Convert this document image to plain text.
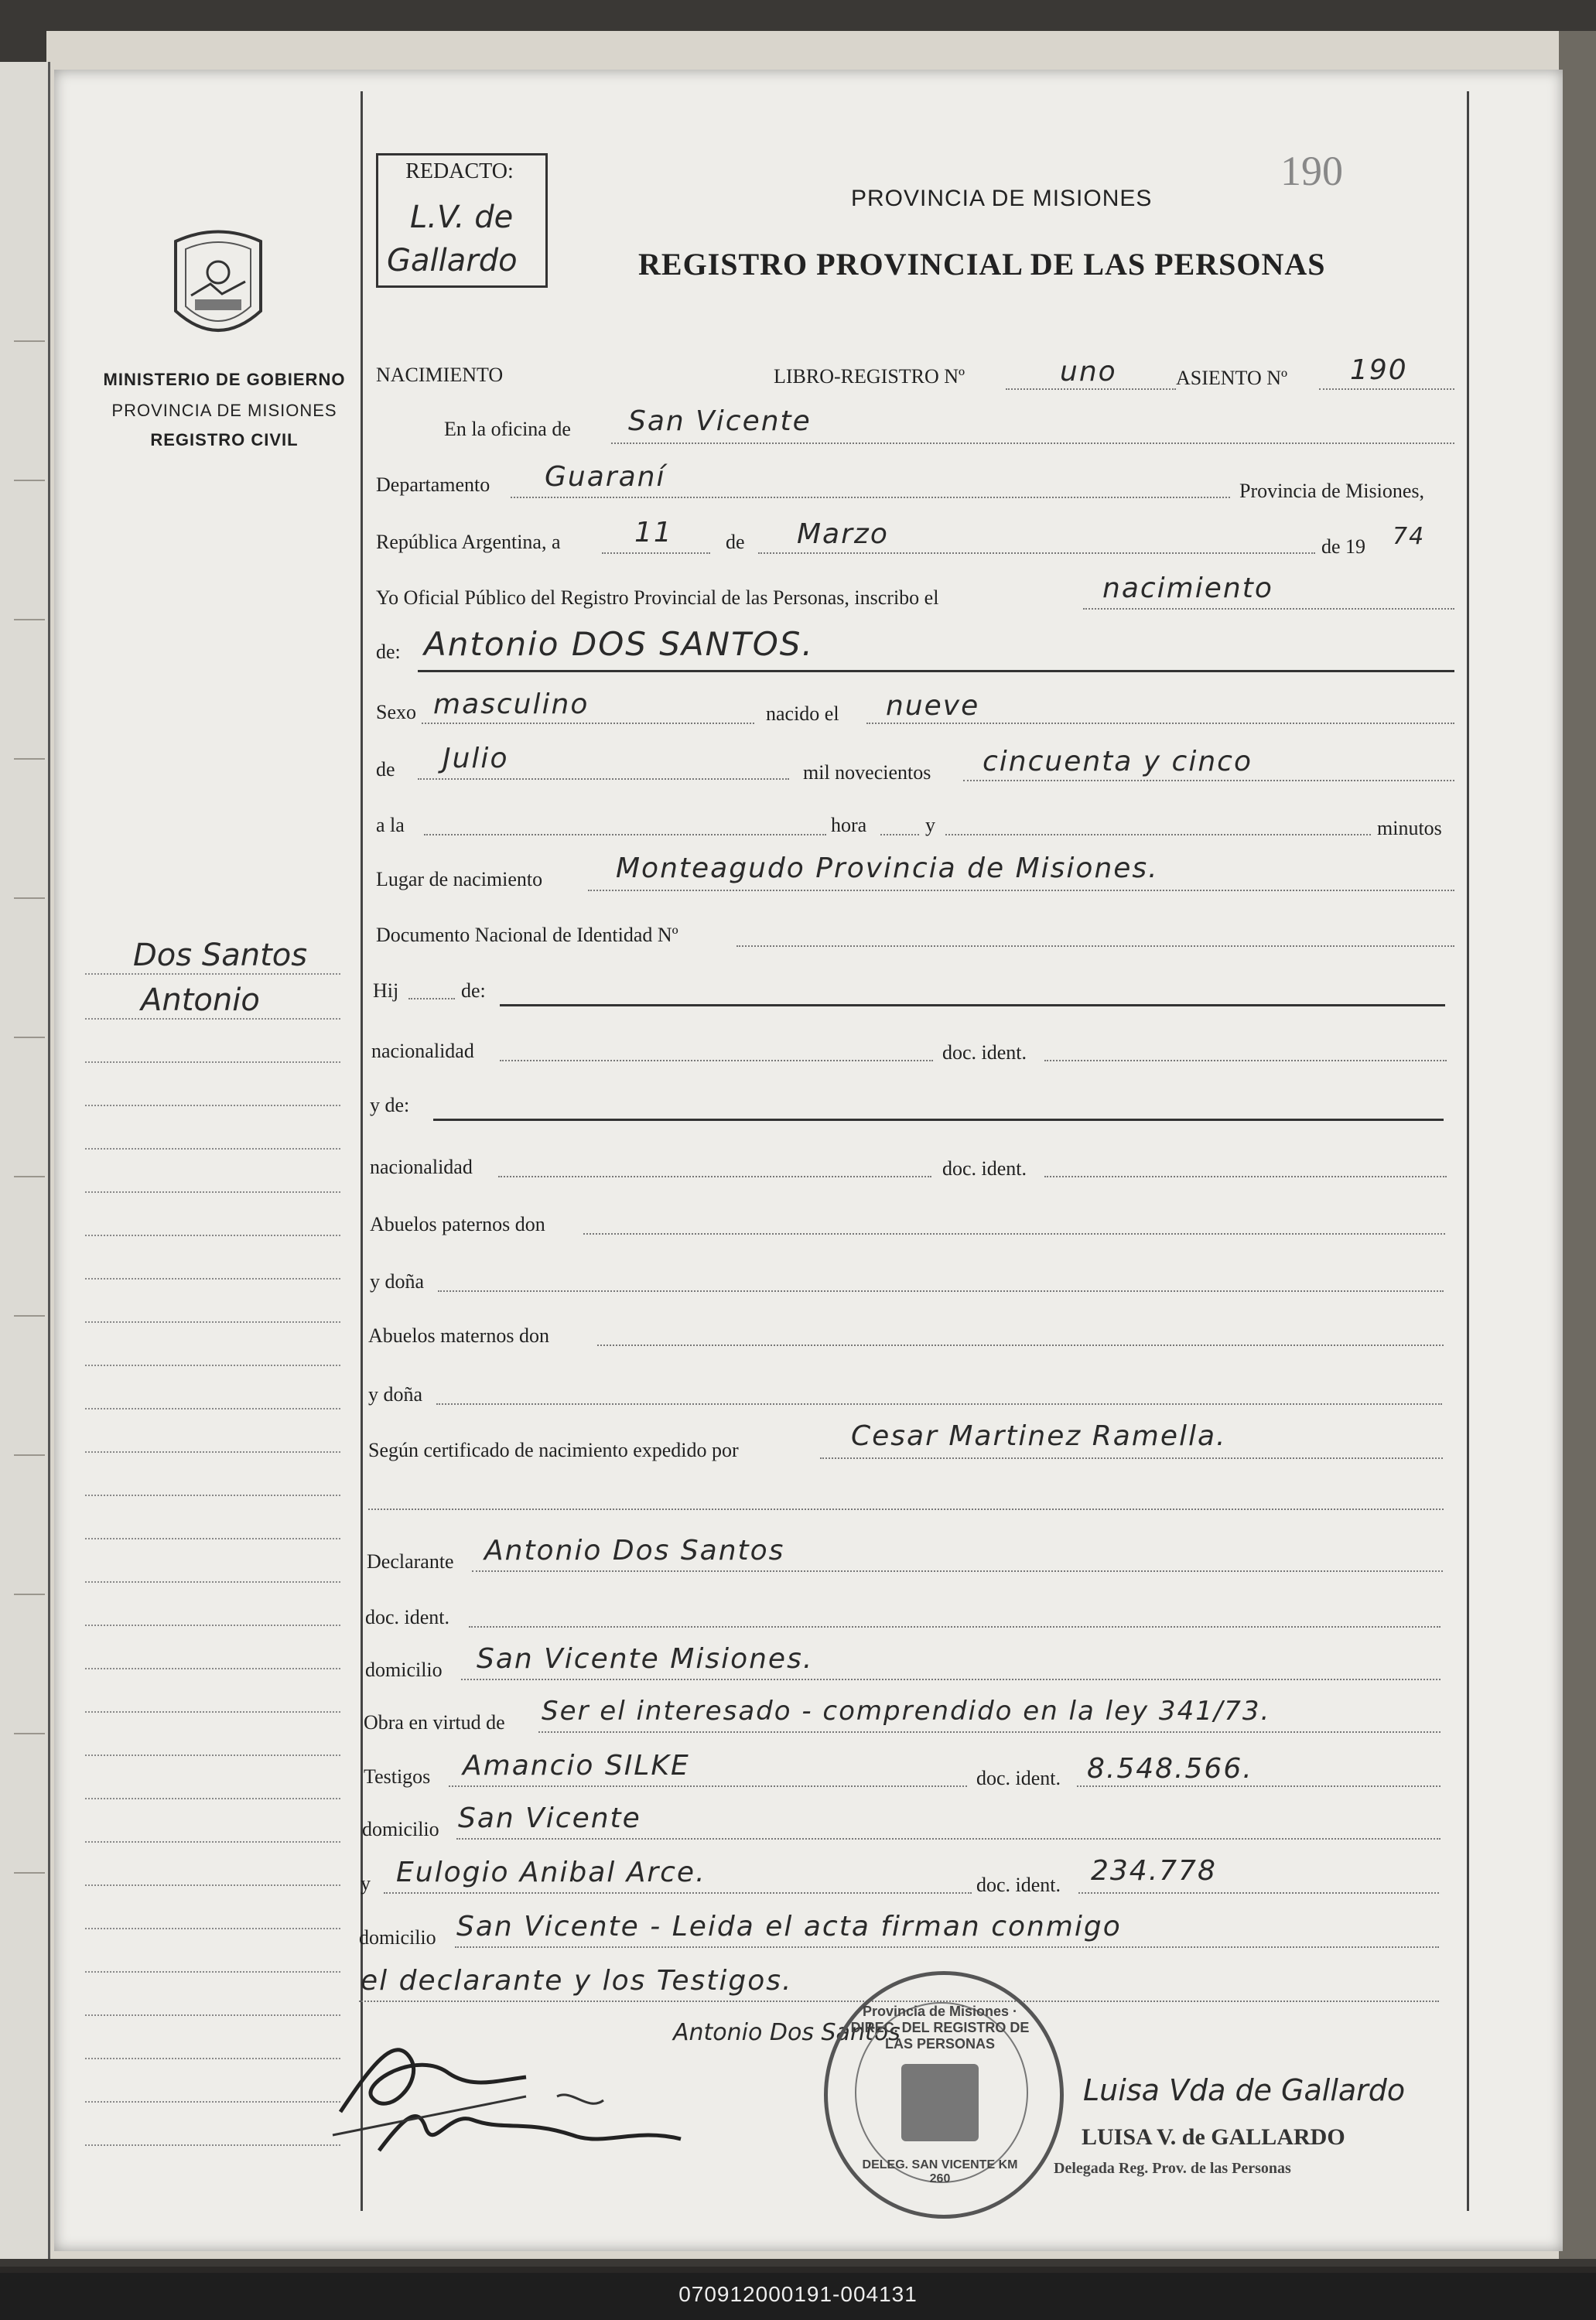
MINISTERIO DE GOBIERNO
PROVINCIA DE MISIONES
REGISTRO CIVIL
Dos Santos
Antonio
REDACTO:
L.V. de
Gallardo
190
PROVINCIA DE MISIONES
REGISTRO PROVINCIAL DE LAS PERSONAS
NACIMIENTO	LIBRO-REGISTRO Nº	uno	ASIENTO Nº 190
En la oficina de San Vicente
Departamento Guaraní	Provincia de Misiones,
República Argentina, a	11	de Marzo	de 19 74
Yo Oficial Público del Registro Provincial de las Personas, inscribo el	nacimiento
de: Antonio DOS SANTOS.
Sexo masculino	nacido el nueve
de Julio	mil novecientos cincuenta y cinco
a la	hora	y	minutos
Lugar de nacimiento	Monteagudo Provincia de Misiones.
Documento Nacional de Identidad Nº
Hij	de:
nacionalidad	doc. ident.
y de:
nacionalidad	doc. ident.
Abuelos paternos don
y doña
Abuelos maternos don
y doña
Según certificado de nacimiento expedido por	Cesar Martinez Ramella.
Declarante Antonio Dos Santos
doc. ident.
domicilio San Vicente Misiones.
Obra en virtud de Ser el interesado - comprendido en la ley 341/73.
Testigos Amancio SILKE	doc. ident. 8.548.566.
domicilio San Vicente
y Eulogio Anibal Arce.	doc. ident. 234.778
domicilio San Vicente - Leida el acta firman conmigo
el declarante y los Testigos.
Antonio Dos Santos
Provincia de Misiones · DIREC. DEL REGISTRO DE LAS PERSONAS
DELEG. SAN VICENTE KM 260
Luisa Vda de Gallardo
LUISA V. de GALLARDO
Delegada Reg. Prov. de las Personas
070912000191-004131
